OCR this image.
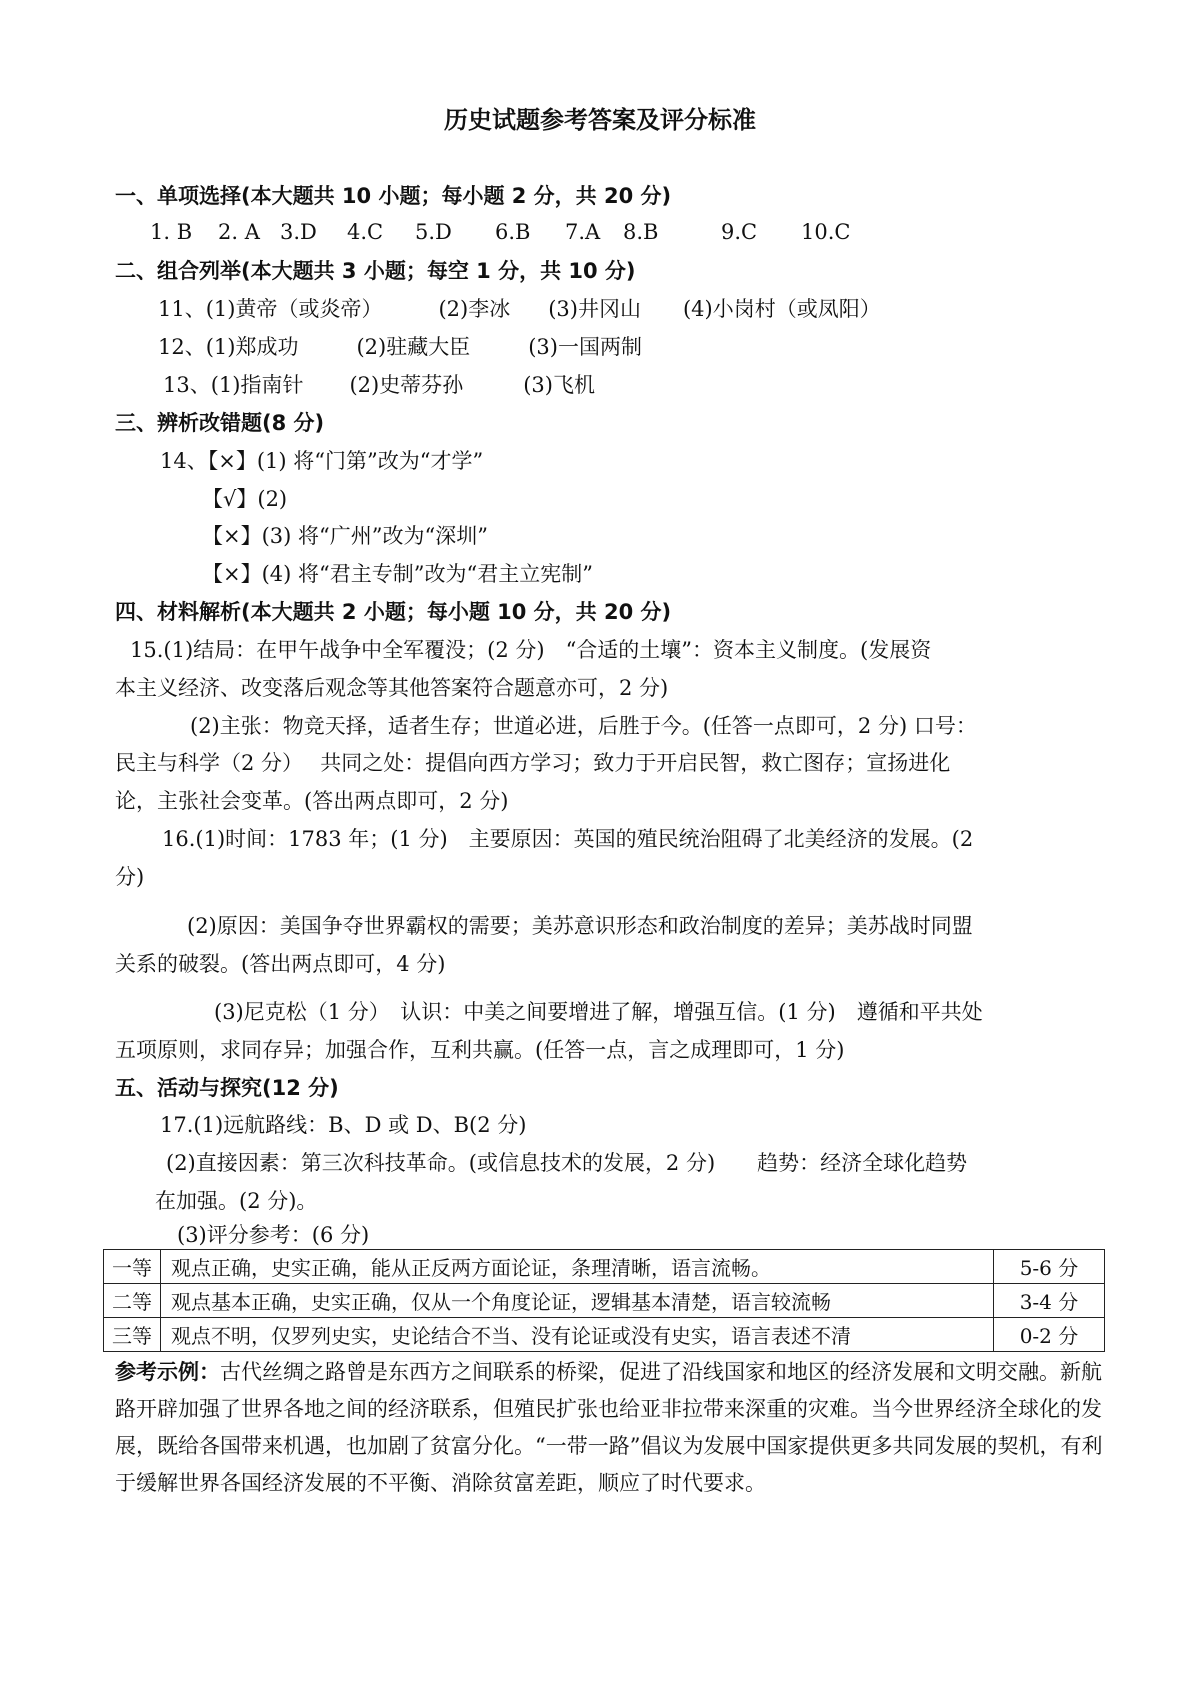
历史试题参考答案及评分标准
一、单项选择(本大题共 10 小题；每小题 2 分，共 20 分)
1. B 2. A 3.D 4.C 5.D 6.B 7.A 8.B	9.C 10.C
二、组合列举(本大题共 3 小题；每空 1 分，共 10 分)
11、(1)黄帝（或炎帝）	(2)李冰 (3)井冈山 (4)小岗村（或凤阳）
12、(1)郑成功	(2)驻藏大臣	(3)一国两制
13、(1)指南针 (2)史蒂芬孙	(3)飞机
三、辨析改错题(8 分)
14、【×】(1) 将“门第”改为“才学”
【√】(2)
【×】(3) 将“广州”改为“深圳”
【×】(4) 将“君主专制”改为“君主立宪制”
四、材料解析(本大题共 2 小题；每小题 10 分，共 20 分)
15.(1)结局：在甲午战争中全军覆没；(2 分)　“合适的土壤”：资本主义制度。(发展资
本主义经济、改变落后观念等其他答案符合题意亦可，2 分)
(2)主张：物竞天择，适者生存；世道必进，后胜于今。(任答一点即可，2 分) 口号：
民主与科学（2 分）　 共同之处：提倡向西方学习；致力于开启民智，救亡图存；宣扬进化
论，主张社会变革。(答出两点即可，2 分)
16.(1)时间：1783 年；(1 分)　主要原因：英国的殖民统治阻碍了北美经济的发展。(2
分)
(2)原因：美国争夺世界霸权的需要；美苏意识形态和政治制度的差异；美苏战时同盟
关系的破裂。(答出两点即可，4 分)
(3)尼克松（1 分）　认识：中美之间要增进了解，增强互信。(1 分)　遵循和平共处
五项原则，求同存异；加强合作，互利共赢。(任答一点，言之成理即可，1 分)
五、活动与探究(12 分)
17.(1)远航路线：B、D 或 D、B(2 分)
(2)直接因素：第三次科技革命。(或信息技术的发展，2 分)　　趋势：经济全球化趋势
在加强。(2 分)。
(3)评分参考：(6 分)
一等	观点正确，史实正确，能从正反两方面论证，条理清晰，语言流畅。	5-6 分
二等	观点基本正确，史实正确，仅从一个角度论证，逻辑基本清楚，语言较流畅	3-4 分
三等	观点不明，仅罗列史实，史论结合不当、没有论证或没有史实，语言表述不清	0-2 分
参考示例：古代丝绸之路曾是东西方之间联系的桥梁，促进了沿线国家和地区的经济发展和文明交融。新航路开辟加强了世界各地之间的经济联系，但殖民扩张也给亚非拉带来深重的灾难。当今世界经济全球化的发展，既给各国带来机遇，也加剧了贫富分化。“一带一路”倡议为发展中国家提供更多共同发展的契机，有利于缓解世界各国经济发展的不平衡、消除贫富差距，顺应了时代要求。
